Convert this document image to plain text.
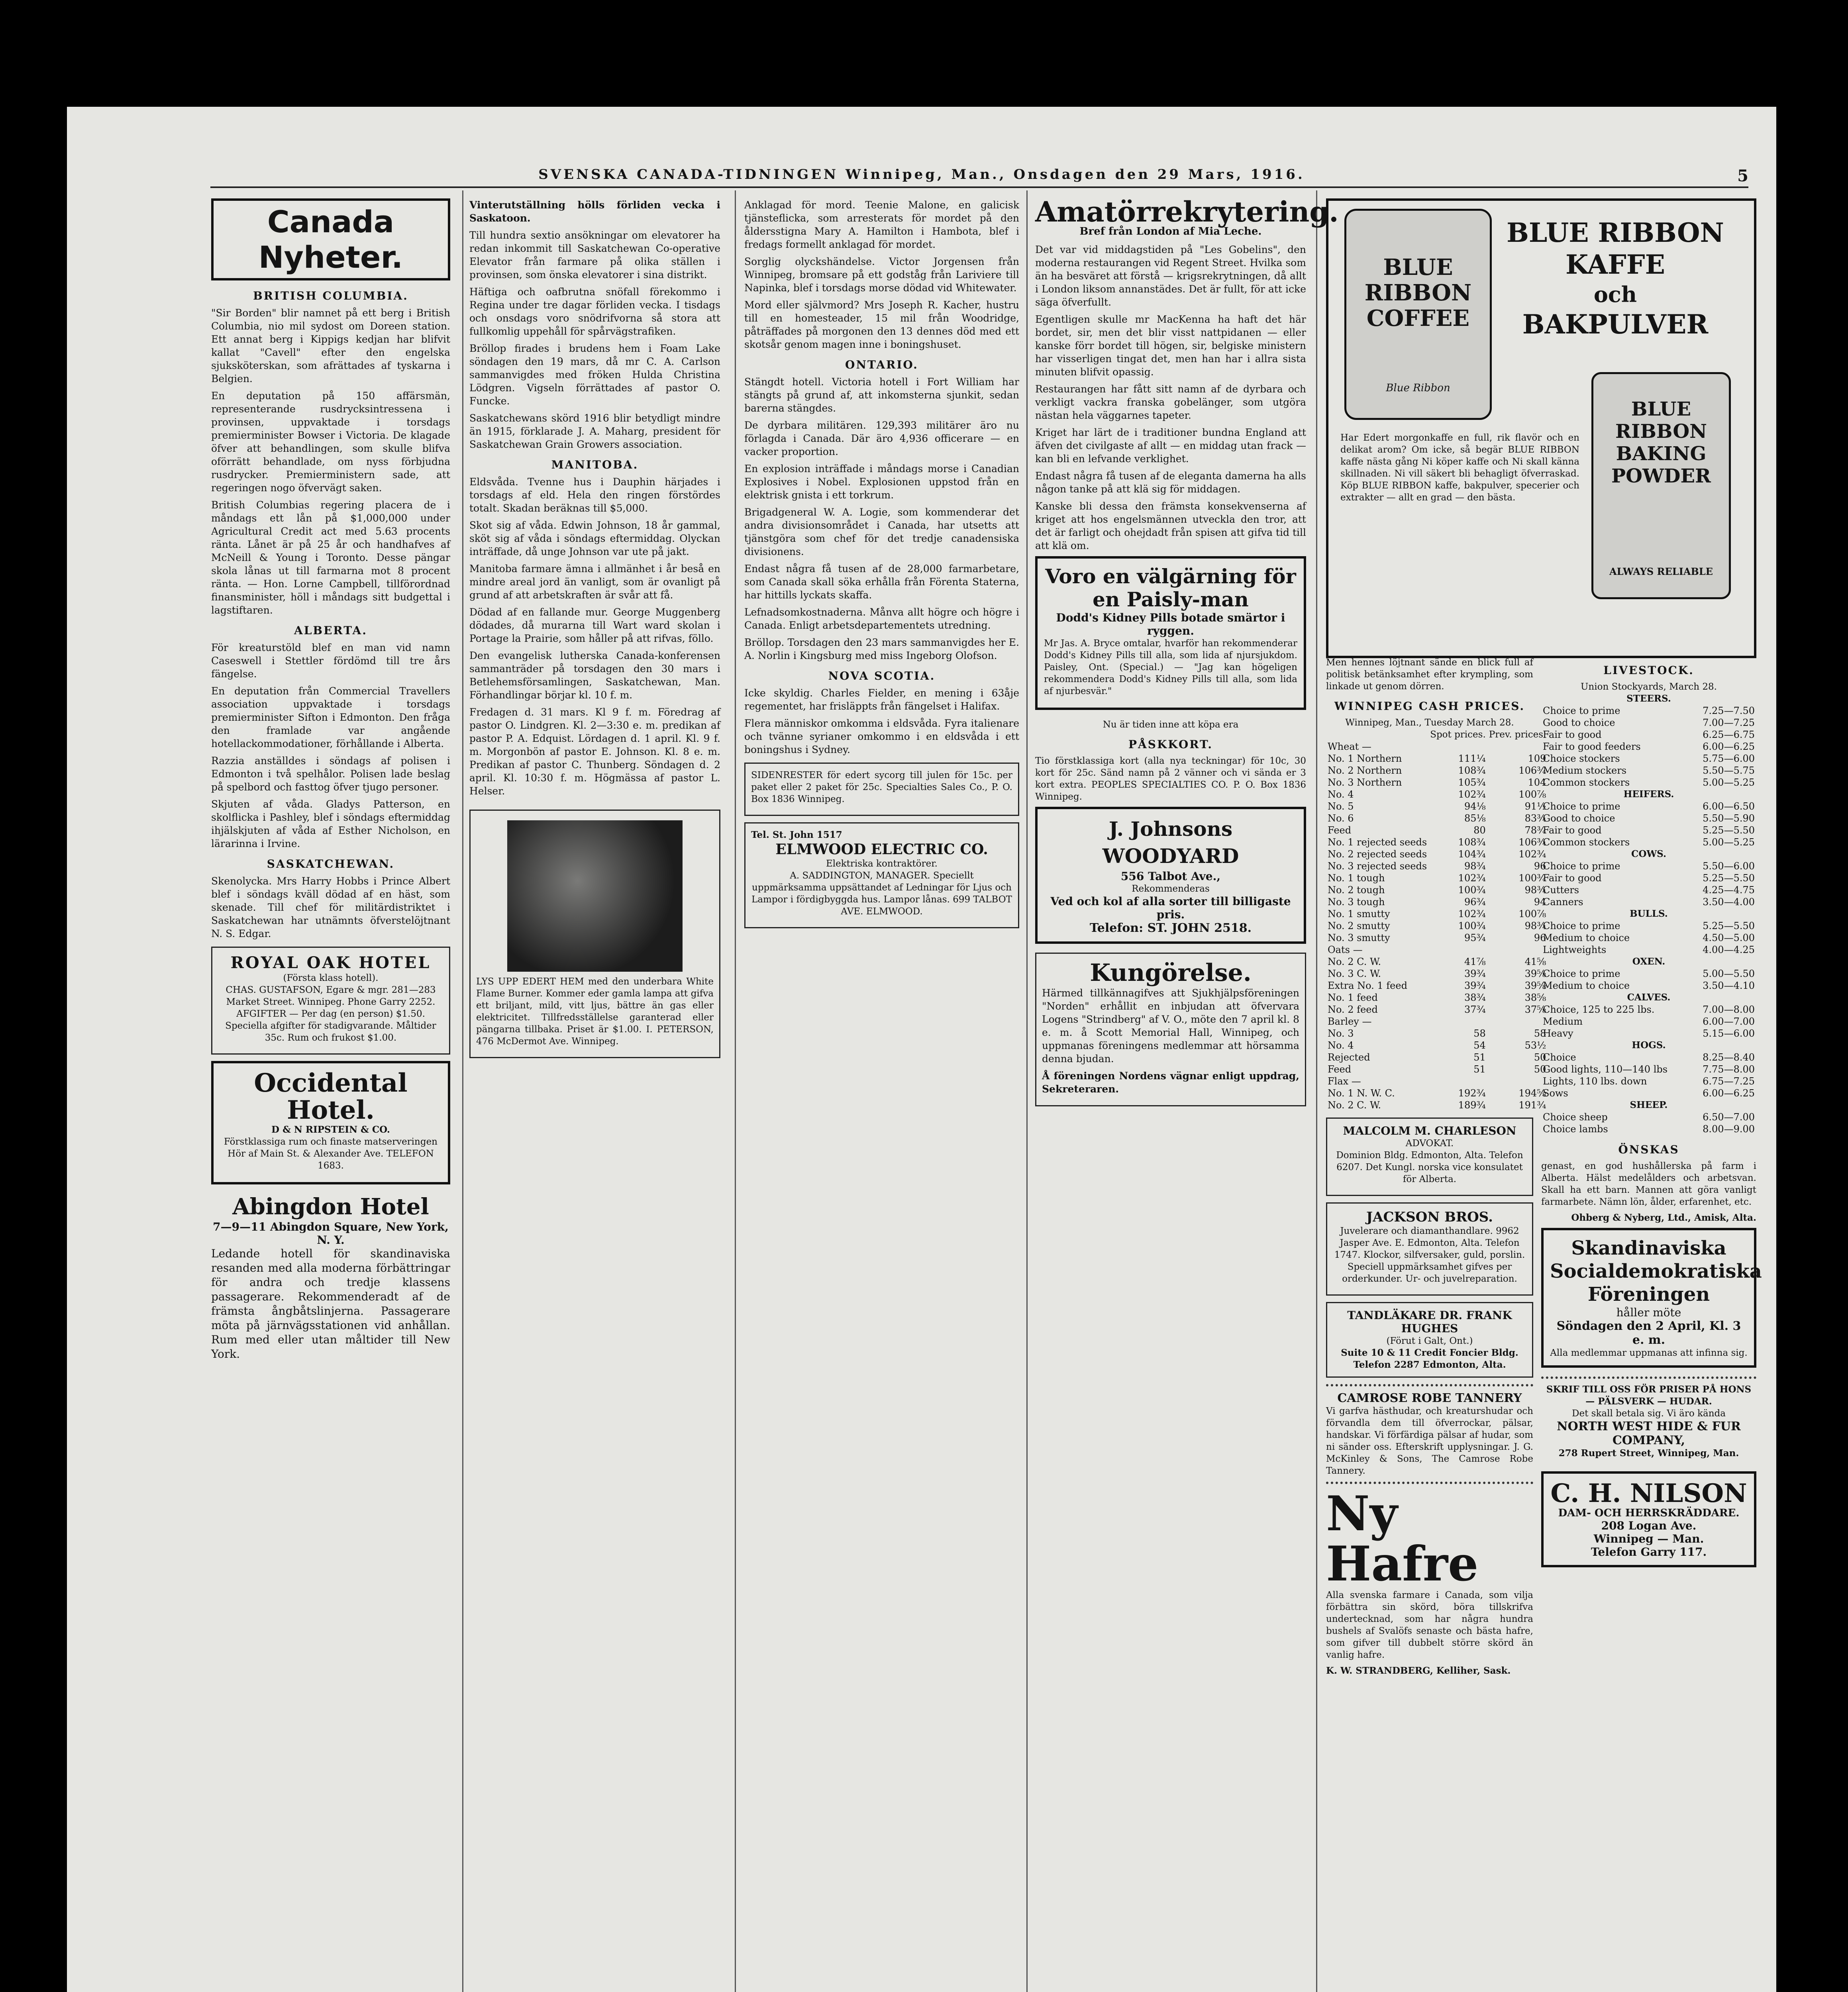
SVENSKA CANADA-TIDNINGEN Winnipeg, Man., Onsdagen den 29 Mars, 1916.	5
Canada Nyheter.
BRITISH COLUMBIA.

"Sir Borden" blir namnet på ett berg i British Columbia, nio mil sydost om Doreen station. Ett annat berg i Kippigs kedjan har blifvit kallat "Cavell" efter den engelska sjuksköterskan, som afrättades af tyskarna i Belgien.

En deputation på 150 affärsmän, representerande rusdrycksintressena i provinsen, uppvaktade i torsdags premierminister Bowser i Victoria. De klagade öfver att behandlingen, som skulle blifva oförrätt behandlade, om nyss förbjudna rusdrycker. Premierministern sade, att regeringen nogo öfvervägt saken.

British Columbias regering placera de i måndags ett lån på $1,000,000 under Agricultural Credit act med 5.63 procents ränta. Lånet är på 25 år och handhafves af McNeill & Young i Toronto. Desse pängar skola lånas ut till farmarna mot 8 procent ränta. — Hon. Lorne Campbell, tillförordnad finansminister, höll i måndags sitt budgettal i lagstiftaren.

ALBERTA.

För kreaturstöld blef en man vid namn Caseswell i Stettler fördömd till tre års fängelse.

En deputation från Commercial Travellers association uppvaktade i torsdags premierminister Sifton i Edmonton. Den fråga den framlade var angående hotellackommodationer, förhållande i Alberta.

Razzia anställdes i söndags af polisen i Edmonton i två spelhålor. Polisen lade beslag på spelbord och fasttog öfver tjugo personer.

Skjuten af våda. Gladys Patterson, en skolflicka i Pashley, blef i söndags eftermiddag ihjälskjuten af våda af Esther Nicholson, en lärarinna i Irvine.

SASKATCHEWAN.

Skenolycka. Mrs Harry Hobbs i Prince Albert blef i söndags kväll dödad af en häst, som skenade. Till chef för militärdistriktet i Saskatchewan har utnämnts öfverstelöjtnant N. S. Edgar.

ROYAL OAK HOTEL
(Första klass hotell).

CHAS. GUSTAFSON, Egare & mgr. 281—283 Market Street. Winnipeg. Phone Garry 2252. AFGIFTER — Per dag (en person) $1.50. Speciella afgifter för stadigvarande. Måltider 35c. Rum och frukost $1.00.

Occidental Hotel.
D & N RIPSTEIN & CO.

Förstklassiga rum och finaste matserveringen Hör af Main St. & Alexander Ave. TELEFON 1683.

Abingdon Hotel
7—9—11 Abingdon Square, New York, N. Y.

Ledande hotell för skandinaviska resanden med alla moderna förbättringar för andra och tredje klassens passagerare. Rekommenderadt af de främsta ångbåtslinjerna. Passagerare möta på järnvägsstationen vid anhållan. Rum med eller utan måltider till New York.

Vinterutställning hölls förliden vecka i Saskatoon.

Till hundra sextio ansökningar om elevatorer ha redan inkommit till Saskatchewan Co-operative Elevator från farmare på olika ställen i provinsen, som önska elevatorer i sina distrikt.

Häftiga och oafbrutna snöfall förekommo i Regina under tre dagar förliden vecka. I tisdags och onsdags voro snödrifvorna så stora att fullkomlig uppehåll för spårvägstrafiken.

Bröllop firades i brudens hem i Foam Lake söndagen den 19 mars, då mr C. A. Carlson sammanvigdes med fröken Hulda Christina Lödgren. Vigseln förrättades af pastor O. Funcke.

Saskatchewans skörd 1916 blir betydligt mindre än 1915, förklarade J. A. Maharg, president för Saskatchewan Grain Growers association.

MANITOBA.

Eldsvåda. Tvenne hus i Dauphin härjades i torsdags af eld. Hela den ringen förstördes totalt. Skadan beräknas till $5,000.

Skot sig af våda. Edwin Johnson, 18 år gammal, sköt sig af våda i söndags eftermiddag. Olyckan inträffade, då unge Johnson var ute på jakt.

Manitoba farmare ämna i allmänhet i år beså en mindre areal jord än vanligt, som är ovanligt på grund af att arbetskraften är svår att få.

Dödad af en fallande mur. George Muggenberg dödades, då murarna till Wart ward skolan i Portage la Prairie, som håller på att rifvas, föllo.

Den evangelisk lutherska Canada-konferensen sammanträder på torsdagen den 30 mars i Betlehemsförsamlingen, Saskatchewan, Man. Förhandlingar börjar kl. 10 f. m.

Fredagen d. 31 mars. Kl 9 f. m. Föredrag af pastor O. Lindgren. Kl. 2—3:30 e. m. predikan af pastor P. A. Edquist. Lördagen d. 1 april. Kl. 9 f. m. Morgonbön af pastor E. Johnson. Kl. 8 e. m. Predikan af pastor C. Thunberg. Söndagen d. 2 april. Kl. 10:30 f. m. Högmässa af pastor L. Helser.

LYS UPP EDERT HEM med den underbara White Flame Burner. Kommer eder gamla lampa att gifva ett briljant, mild, vitt ljus, bättre än gas eller elektricitet. Tillfredsställelse garanterad eller pängarna tillbaka. Priset är $1.00. I. PETERSON, 476 McDermot Ave. Winnipeg.

Anklagad för mord. Teenie Malone, en galicisk tjänsteflicka, som arresterats för mordet på den åldersstigna Mary A. Hamilton i Hambota, blef i fredags formellt anklagad för mordet.

Sorglig olyckshändelse. Victor Jorgensen från Winnipeg, bromsare på ett godståg från Lariviere till Napinka, blef i torsdags morse dödad vid Whitewater.

Mord eller självmord? Mrs Joseph R. Kacher, hustru till en homesteader, 15 mil från Woodridge, påträffades på morgonen den 13 dennes död med ett skotsår genom magen inne i boningshuset.

ONTARIO.

Stängdt hotell. Victoria hotell i Fort William har stängts på grund af, att inkomsterna sjunkit, sedan barerna stängdes.

De dyrbara militären. 129,393 militärer äro nu förlagda i Canada. Där äro 4,936 officerare — en vacker proportion.

En explosion inträffade i måndags morse i Canadian Explosives i Nobel. Explosionen uppstod från en elektrisk gnista i ett torkrum.

Brigadgeneral W. A. Logie, som kommenderar det andra divisionsområdet i Canada, har utsetts att tjänstgöra som chef för det tredje canadensiska divisionens.

Endast några få tusen af de 28,000 farmarbetare, som Canada skall söka erhålla från Förenta Staterna, har hittills lyckats skaffa.

Lefnadsomkostnaderna. Månva allt högre och högre i Canada. Enligt arbetsdepartementets utredning.

Bröllop. Torsdagen den 23 mars sammanvigdes her E. A. Norlin i Kingsburg med miss Ingeborg Olofson.

NOVA SCOTIA.

Icke skyldig. Charles Fielder, en mening i 63åje regementet, har frisläppts från fängelset i Halifax.

Flera människor omkomma i eldsvåda. Fyra italienare och tvänne syrianer omkommo i en eldsvåda i ett boningshus i Sydney.

SIDENRESTER för edert sycorg till julen för 15c. per paket eller 2 paket för 25c. Specialties Sales Co., P. O. Box 1836 Winnipeg.

Tel. St. John 1517
ELMWOOD ELECTRIC CO.
Elektriska kontraktörer.

A. SADDINGTON, MANAGER. Speciellt uppmärksamma uppsättandet af Ledningar för Ljus och Lampor i fördigbyggda hus. Lampor lånas. 699 TALBOT AVE. ELMWOOD.

Amatörrekrytering.
Bref från London af Mia Leche.

Det var vid middagstiden på "Les Gobelins", den moderna restaurangen vid Regent Street. Hvilka som än ha besväret att förstå — krigsrekrytningen, då allt i London liksom annanstädes. Det är fullt, för att icke säga öfverfullt.

Egentligen skulle mr MacKenna ha haft det här bordet, sir, men det blir visst nattpidanen — eller kanske förr bordet till högen, sir, belgiske ministern har visserligen tingat det, men han har i allra sista minuten blifvit opassig.

Restaurangen har fått sitt namn af de dyrbara och verkligt vackra franska gobelänger, som utgöra nästan hela väggarnes tapeter.

Kriget har lärt de i traditioner bundna England att äfven det civilgaste af allt — en middag utan frack — kan bli en lefvande verklighet.

Endast några få tusen af de eleganta damerna ha alls någon tanke på att klä sig för middagen.

Kanske bli dessa den främsta konsekvenserna af kriget att hos engelsmännen utveckla den tror, att det är farligt och ohejdadt från spisen att gifva tid till att klä om.

Voro en välgärning för en Paisly-man
Dodd's Kidney Pills botade smärtor i ryggen.

Mr Jas. A. Bryce omtalar, hvarför han rekommenderar Dodd's Kidney Pills till alla, som lida af njursjukdom. Paisley, Ont. (Special.) — "Jag kan högeligen rekommendera Dodd's Kidney Pills till alla, som lida af njurbesvär."

Nu är tiden inne att köpa era
PÅSKKORT.

Tio förstklassiga kort (alla nya teckningar) för 10c, 30 kort för 25c. Sänd namn på 2 vänner och vi sända er 3 kort extra. PEOPLES SPECIALTIES CO. P. O. Box 1836 Winnipeg.

J. Johnsons WOODYARD
556 Talbot Ave.,
Rekommenderas
Ved och kol af alla sorter till billigaste pris.
Telefon: ST. JOHN 2518.
Kungörelse.

Härmed tillkännagifves att Sjukhjälpsföreningen "Norden" erhållit en inbjudan att öfvervara Logens "Strindberg" af V. O., möte den 7 april kl. 8 e. m. å Scott Memorial Hall, Winnipeg, och uppmanas föreningens medlemmar att hörsamma denna bjudan.

Å föreningen Nordens vägnar enligt uppdrag, Sekreteraren.

BLUE RIBBON COFFEE
Blue Ribbon
BLUE RIBBON
KAFFE
och
BAKPULVER
BLUE RIBBON BAKING POWDER
ALWAYS RELIABLE

Har Edert morgonkaffe en full, rik flavör och en delikat arom? Om icke, så begär BLUE RIBBON kaffe nästa gång Ni köper kaffe och Ni skall känna skillnaden. Ni vill säkert bli behagligt öfverraskad. Köp BLUE RIBBON kaffe, bakpulver, specerier och extrakter — allt en grad — den bästa.

Men hennes löjtnant sände en blick full af politisk betänksamhet efter krympling, som linkade ut genom dörren.

WINNIPEG CASH PRICES.
Winnipeg, Man., Tuesday March 28.
	Spot prices.	Prev. prices.
Wheat —		
No. 1 Northern	111¼	109
No. 2 Northern	108¾	106¾
No. 3 Northern	105¾	104
No. 4	102¾	100⅞
No. 5	94⅛	91½
No. 6	85⅛	83¾
Feed	80	78¾
No. 1 rejected seeds	108¾	106¾
No. 2 rejected seeds	104¾	102¾
No. 3 rejected seeds	98¾	96
No. 1 tough	102¾	100¾
No. 2 tough	100¾	98¾
No. 3 tough	96¾	94
No. 1 smutty	102¾	100⅞
No. 2 smutty	100¾	98¾
No. 3 smutty	95¾	96
Oats —		
No. 2 C. W.	41⅞	41⅝
No. 3 C. W.	39¾	39⅝
Extra No. 1 feed	39¾	39⅝
No. 1 feed	38¾	38⅝
No. 2 feed	37¾	37⅝
Barley —		
No. 3	58	58
No. 4	54	53½
Rejected	51	50
Feed	51	50
Flax —		
No. 1 N. W. C.	192¾	194⅝
No. 2 C. W.	189¾	191¾
MALCOLM M. CHARLESON
ADVOKAT.

Dominion Bldg. Edmonton, Alta. Telefon 6207. Det Kungl. norska vice konsulatet för Alberta.

JACKSON BROS.

Juvelerare och diamanthandlare. 9962 Jasper Ave. E. Edmonton, Alta. Telefon 1747. Klockor, silfversaker, guld, porslin. Speciell uppmärksamhet gifves per orderkunder. Ur- och juvelreparation.

TANDLÄKARE DR. FRANK HUGHES
(Förut i Galt, Ont.)
Suite 10 & 11 Credit Foncier Bldg. Telefon 2287 Edmonton, Alta.
CAMROSE ROBE TANNERY

Vi garfva hästhudar, och kreaturshudar och förvandla dem till öfverrockar, pälsar, handskar. Vi förfärdiga pälsar af hudar, som ni sänder oss. Efterskrift upplysningar. J. G. McKinley & Sons, The Camrose Robe Tannery.

Ny Hafre

Alla svenska farmare i Canada, som vilja förbättra sin skörd, böra tillskrifva undertecknad, som har några hundra bushels af Svalöfs senaste och bästa hafre, som gifver till dubbelt större skörd än vanlig hafre.

K. W. STRANDBERG, Kelliher, Sask.

LIVESTOCK.
Union Stockyards, March 28.
STEERS.
Choice to prime	7.25—7.50
Good to choice	7.00—7.25
Fair to good	6.25—6.75
Fair to good feeders	6.00—6.25
Choice stockers	5.75—6.00
Medium stockers	5.50—5.75
Common stockers	5.00—5.25
HEIFERS.
Choice to prime	6.00—6.50
Good to choice	5.50—5.90
Fair to good	5.25—5.50
Common stockers	5.00—5.25
COWS.
Choice to prime	5.50—6.00
Fair to good	5.25—5.50
Cutters	4.25—4.75
Canners	3.50—4.00
BULLS.
Choice to prime	5.25—5.50
Medium to choice	4.50—5.00
Lightweights	4.00—4.25
OXEN.
Choice to prime	5.00—5.50
Medium to choice	3.50—4.10
CALVES.
Choice, 125 to 225 lbs.	7.00—8.00
Medium	6.00—7.00
Heavy	5.15—6.00
HOGS.
Choice	8.25—8.40
Good lights, 110—140 lbs	7.75—8.00
Lights, 110 lbs. down	6.75—7.25
Sows	6.00—6.25
SHEEP.
Choice sheep	6.50—7.00
Choice lambs	8.00—9.00
ÖNSKAS

genast, en god hushållerska på farm i Alberta. Hälst medelålders och arbetsvan. Skall ha ett barn. Mannen att göra vanligt farmarbete. Nämn lön, ålder, erfarenhet, etc.

Ohberg & Nyberg, Ltd., Amisk, Alta.

Skandinaviska Socialdemokratiska Föreningen
håller möte
Söndagen den 2 April, Kl. 3 e. m.
Alla medlemmar uppmanas att infinna sig.
SKRIF TILL OSS FÖR PRISER PÅ HONS — PÄLSVERK — HUDAR.
Det skall betala sig. Vi äro kända
NORTH WEST HIDE & FUR COMPANY,
278 Rupert Street, Winnipeg, Man.
C. H. NILSON
DAM- OCH HERRSKRÄDDARE.
208 Logan Ave.
Winnipeg — Man.
Telefon Garry 117.
